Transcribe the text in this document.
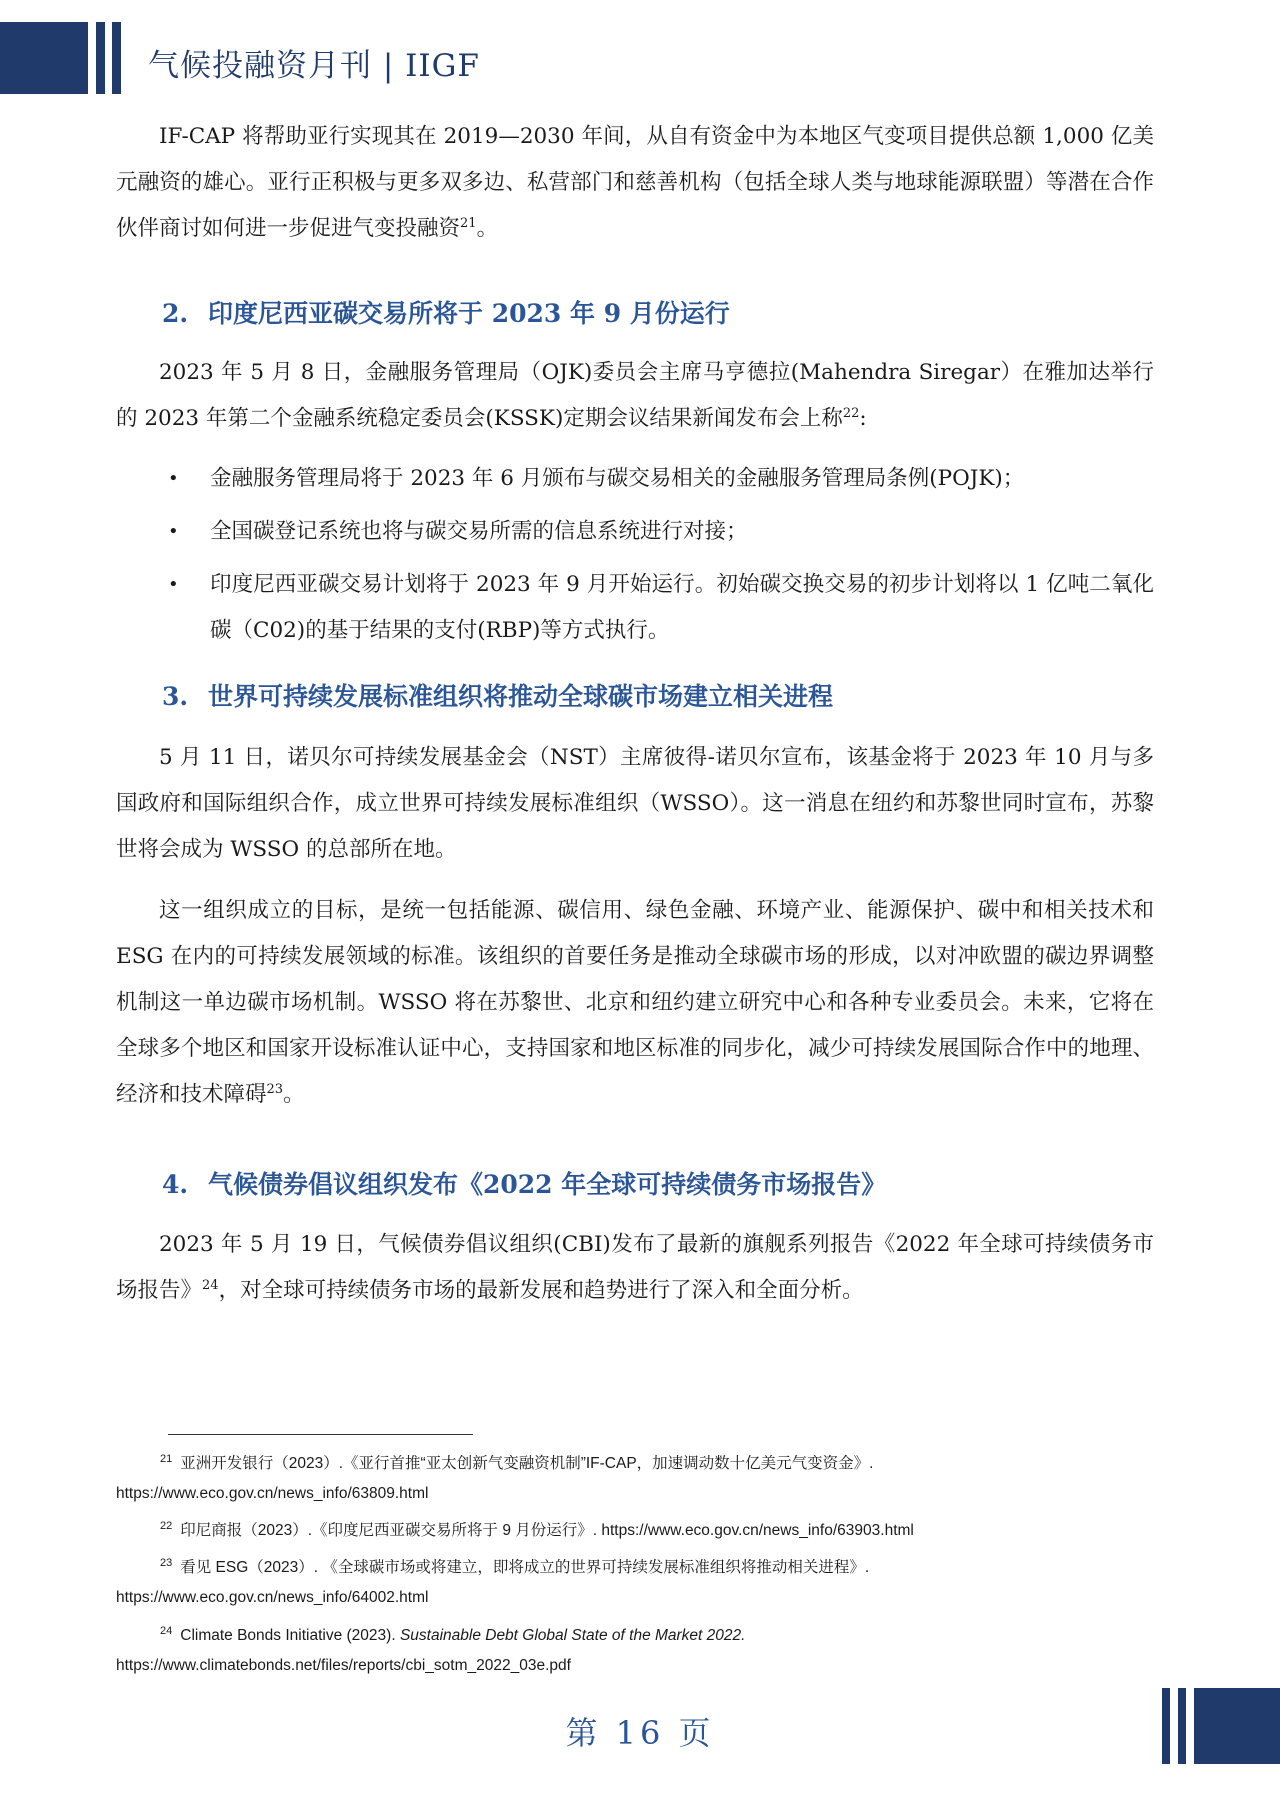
气候投融资月刊 | IIGF

IF-CAP 将帮助亚行实现其在 2019—2030 年间，从自有资金中为本地区气变项目提供总额 1,000 亿美元融资的雄心。亚行正积极与更多双多边、私营部门和慈善机构（包括全球人类与地球能源联盟）等潜在合作伙伴商讨如何进一步促进气变投融资$^{21}$。

2. 印度尼西亚碳交易所将于 2023 年 9 月份运行

2023 年 5 月 8 日，金融服务管理局（OJK)委员会主席马亨德拉(Mahendra Siregar）在雅加达举行的 2023 年第二个金融系统稳定委员会(KSSK)定期会议结果新闻发布会上称$^{22}$:

• 金融服务管理局将于 2023 年 6 月颁布与碳交易相关的金融服务管理局条例(POJK)；
• 全国碳登记系统也将与碳交易所需的信息系统进行对接；
• 印度尼西亚碳交易计划将于 2023 年 9 月开始运行。初始碳交换交易的初步计划将以 1 亿吨二氧化碳（C02)的基于结果的支付(RBP)等方式执行。
3. 世界可持续发展标准组织将推动全球碳市场建立相关进程

5 月 11 日，诺贝尔可持续发展基金会（NST）主席彼得-诺贝尔宣布，该基金将于 2023 年 10 月与多国政府和国际组织合作，成立世界可持续发展标准组织（WSSO）。这一消息在纽约和苏黎世同时宣布，苏黎世将会成为 WSSO 的总部所在地。

这一组织成立的目标，是统一包括能源、碳信用、绿色金融、环境产业、能源保护、碳中和相关技术和 ESG 在内的可持续发展领域的标准。该组织的首要任务是推动全球碳市场的形成，以对冲欧盟的碳边界调整机制这一单边碳市场机制。WSSO 将在苏黎世、北京和纽约建立研究中心和各种专业委员会。未来，它将在全球多个地区和国家开设标准认证中心，支持国家和地区标准的同步化，减少可持续发展国际合作中的地理、经济和技术障碍$^{23}$。

4. 气候债券倡议组织发布《2022 年全球可持续债务市场报告》

2023 年 5 月 19 日，气候债券倡议组织(CBI)发布了最新的旗舰系列报告《2022 年全球可持续债务市场报告》$^{24}$，对全球可持续债务市场的最新发展和趋势进行了深入和全面分析。

$^{21}$ 亚洲开发银行（2023）.《亚行首推“亚太创新气变融资机制”IF-CAP，加速调动数十亿美元气变资金》.
https://www.eco.gov.cn/news_info/63809.html

$^{22}$ 印尼商报（2023）.《印度尼西亚碳交易所将于 9 月份运行》. https://www.eco.gov.cn/news_info/63903.html

$^{23}$ 看见 ESG（2023）. 《全球碳市场或将建立，即将成立的世界可持续发展标准组织将推动相关进程》.
https://www.eco.gov.cn/news_info/64002.html

$^{24}$ Climate Bonds Initiative (2023). Sustainable Debt Global State of the Market 2022.
https://www.climatebonds.net/files/reports/cbi_sotm_2022_03e.pdf

第 16 页
